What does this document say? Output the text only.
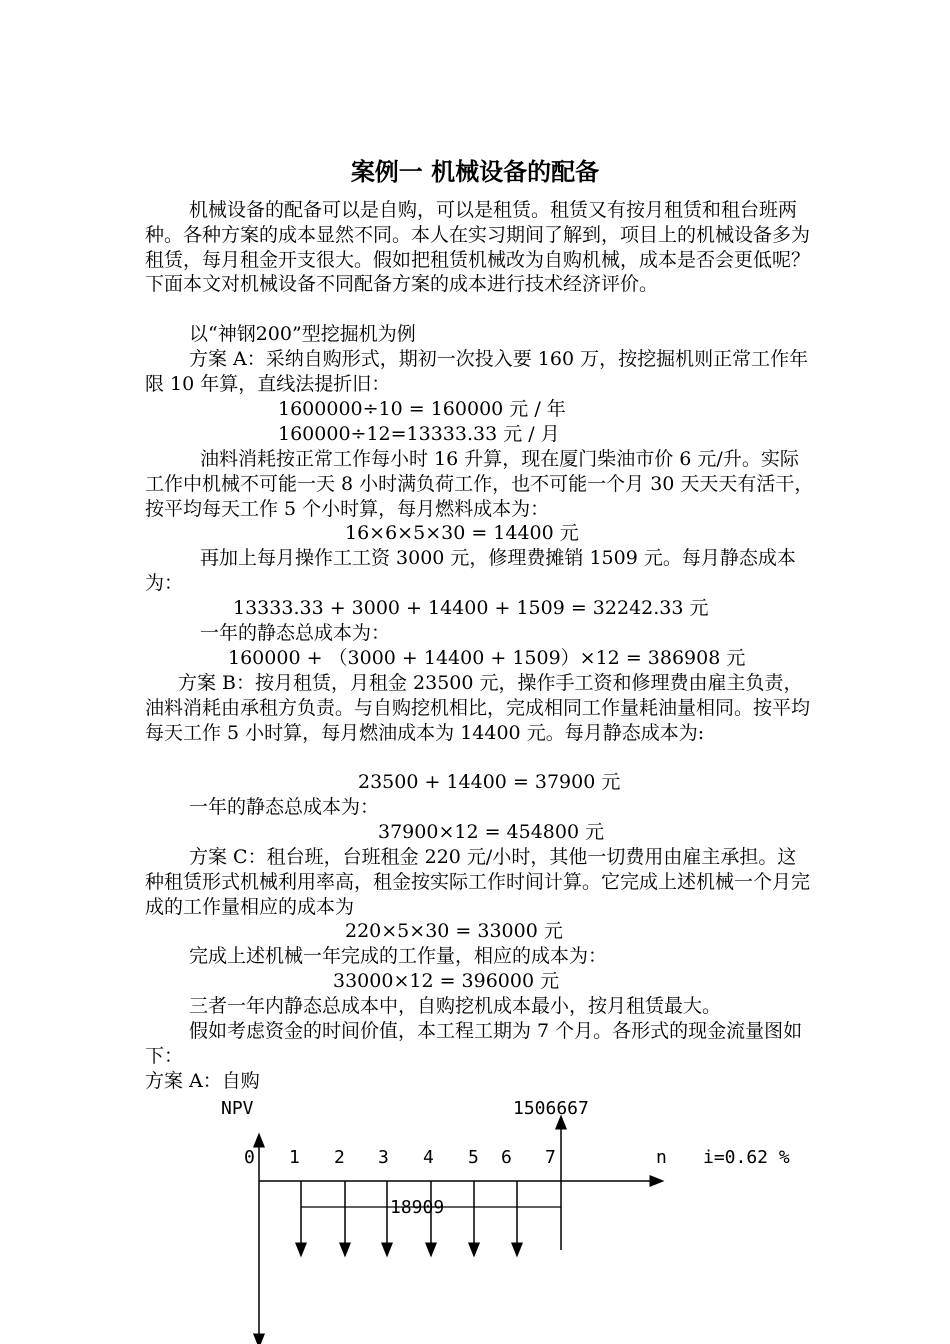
案例一 机械设备的配备
机械设备的配备可以是自购，可以是租赁。租赁又有按月租赁和租台班两种。各种方案的成本显然不同。本人在实习期间了解到，项目上的机械设备多为租赁，每月租金开支很大。假如把租赁机械改为自购机械，成本是否会更低呢？下面本文对机械设备不同配备方案的成本进行技术经济评价。
以“神钢200”型挖掘机为例
方案 A：采纳自购形式，期初一次投入要 160 万，按挖掘机则正常工作年限 10 年算，直线法提折旧：
1600000÷10 = 160000 元 / 年
160000÷12=13333.33 元 / 月
油料消耗按正常工作每小时 16 升算，现在厦门柴油市价 6 元/升。实际工作中机械不可能一天 8 小时满负荷工作，也不可能一个月 30 天天天有活干，按平均每天工作 5 个小时算，每月燃料成本为：
16×6×5×30 = 14400 元
再加上每月操作工工资 3000 元，修理费摊销 1509 元。每月静态成本为：
13333.33 + 3000 + 14400 + 1509 = 32242.33 元
一年的静态总成本为：
160000 + （3000 + 14400 + 1509）×12 = 386908 元
方案 B：按月租赁，月租金 23500 元，操作手工资和修理费由雇主负责，油料消耗由承租方负责。与自购挖机相比，完成相同工作量耗油量相同。按平均每天工作 5 小时算，每月燃油成本为 14400 元。每月静态成本为:
23500 + 14400 = 37900 元
一年的静态总成本为：
37900×12 = 454800 元
方案 C：租台班，台班租金 220 元/小时，其他一切费用由雇主承担。这种租赁形式机械利用率高，租金按实际工作时间计算。它完成上述机械一个月完成的工作量相应的成本为
220×5×30 = 33000 元
完成上述机械一年完成的工作量，相应的成本为：
33000×12 = 396000 元
三者一年内静态总成本中，自购挖机成本最小，按月租赁最大。
假如考虑资金的时间价值，本工程工期为 7 个月。各形式的现金流量图如下：
方案 A：自购
NPV	1506667
0 1 2 3 4 5 6 7	n i=0.62 %
18909
